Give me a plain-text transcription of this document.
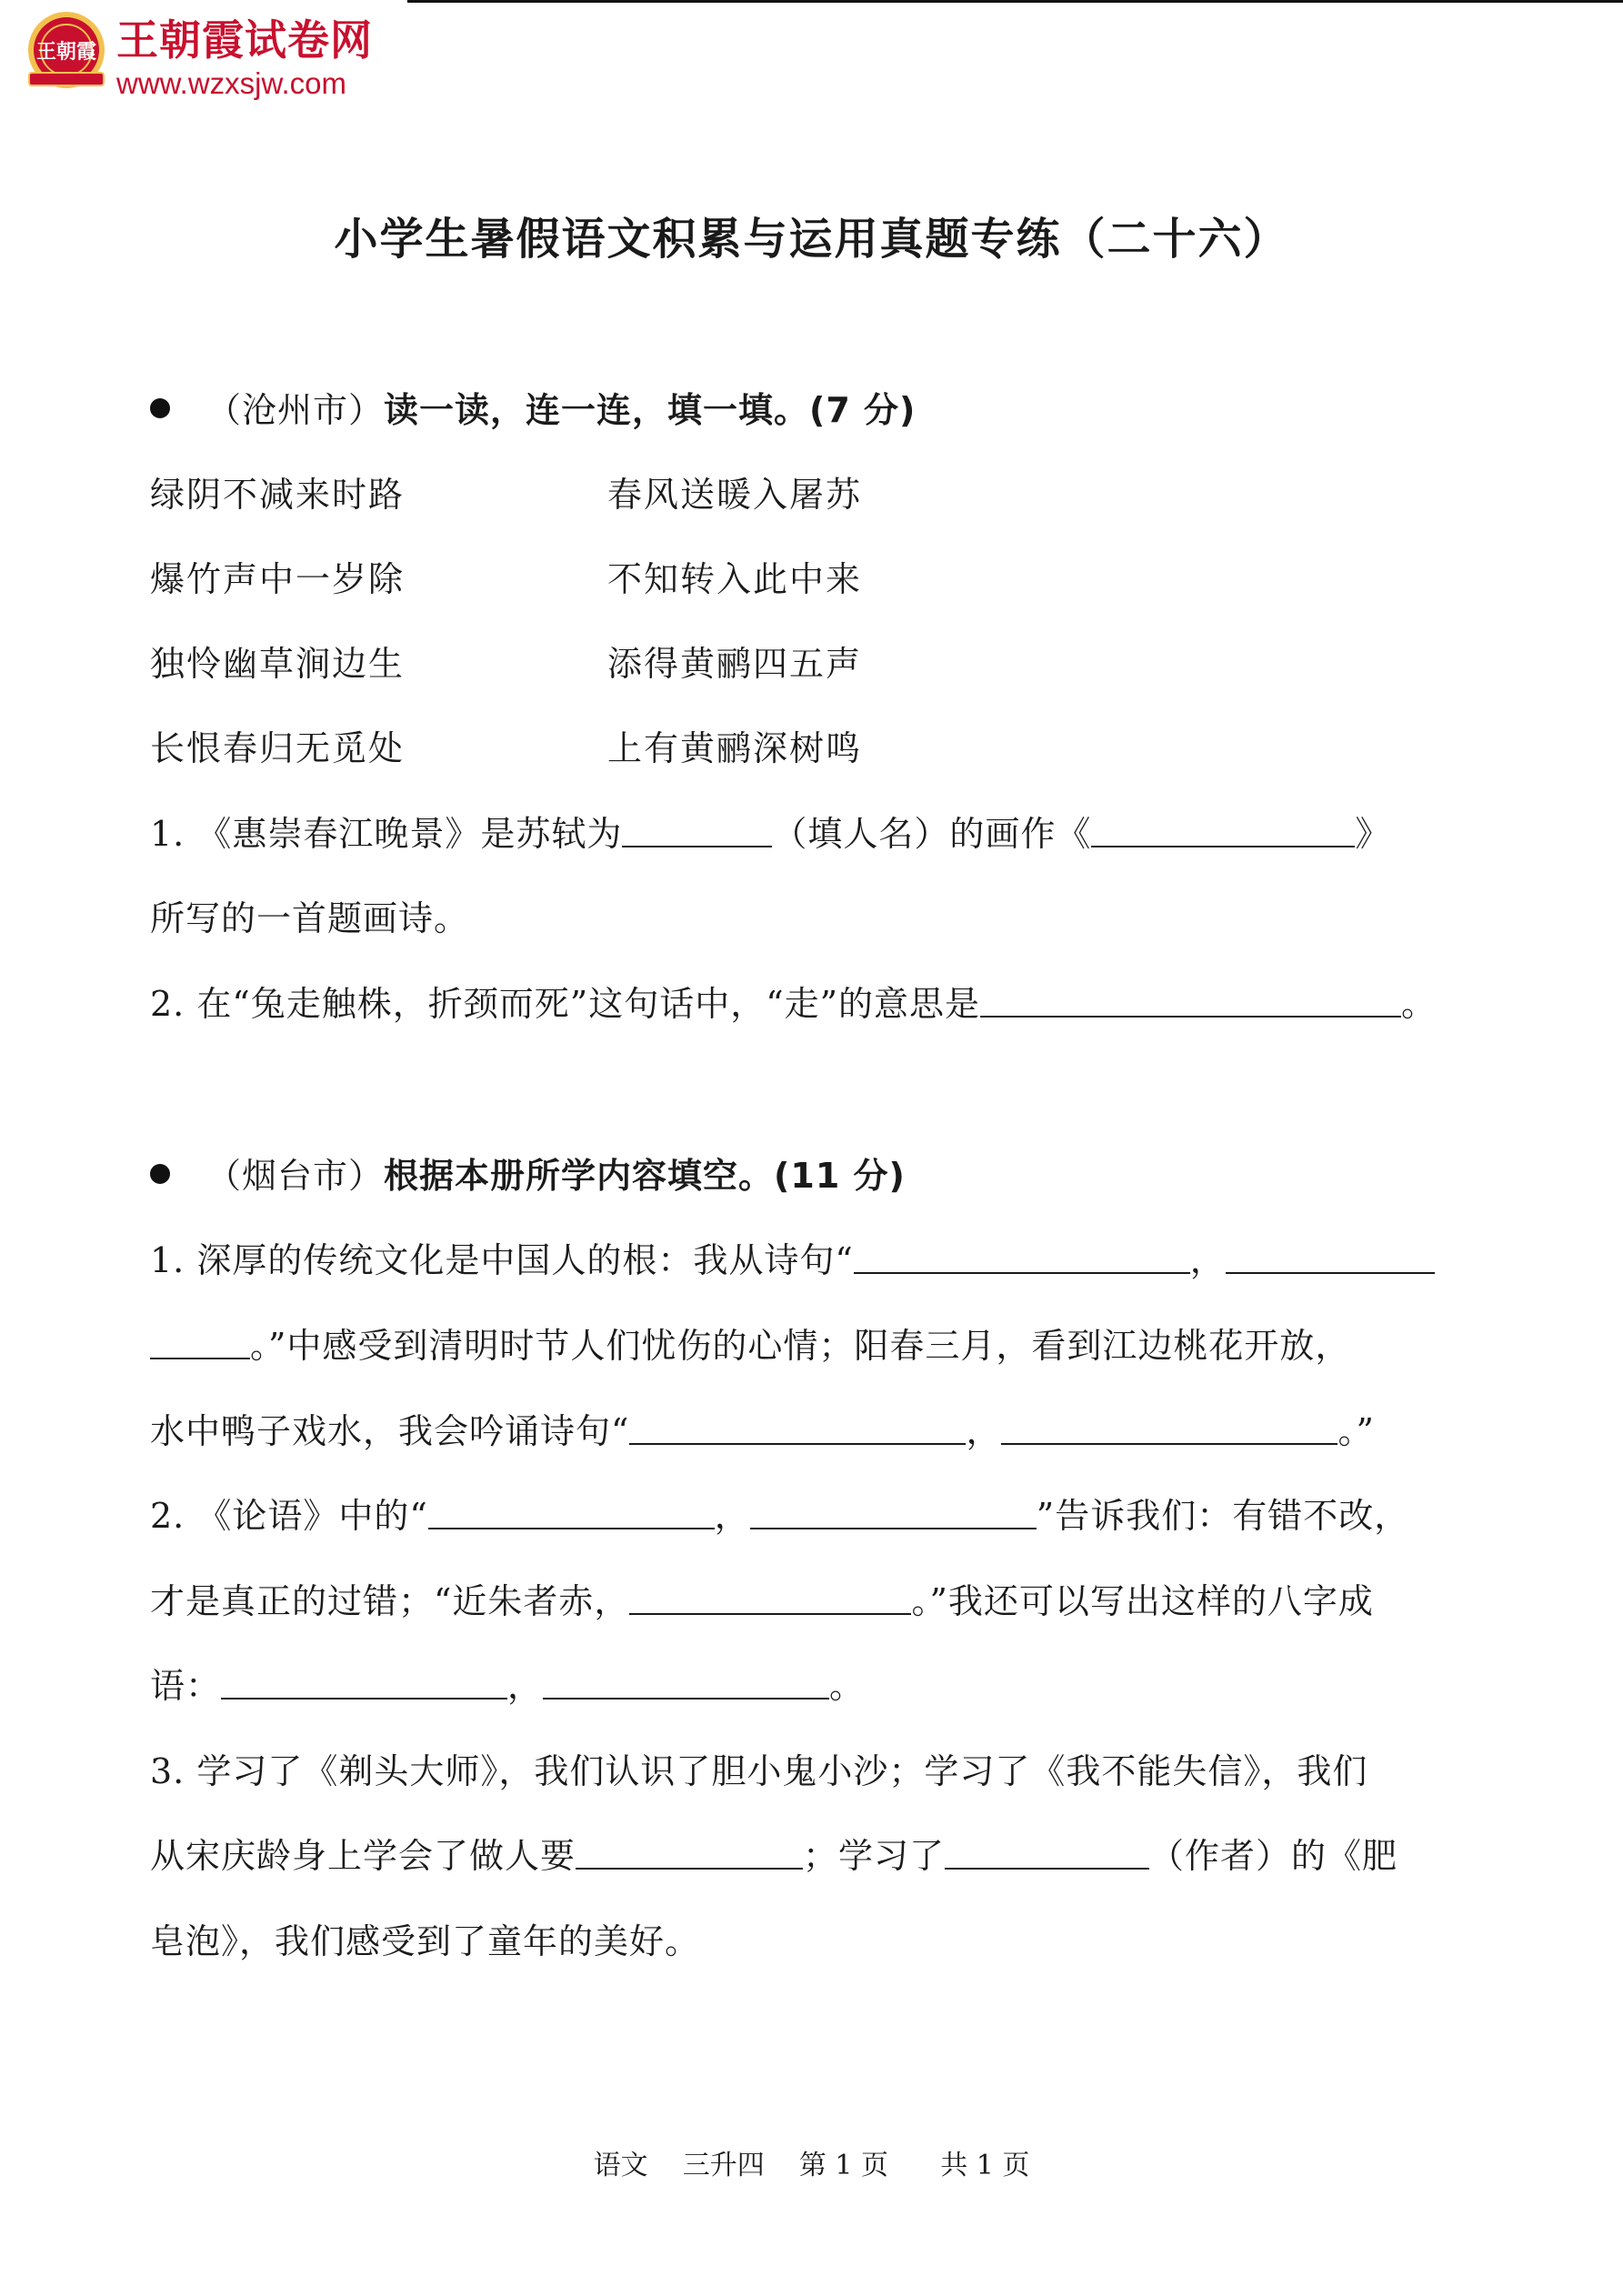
王朝霞 王朝霞试卷网
www.wzxsjw.com
小学生暑假语文积累与运用真题专练（二十六）
（沧州市）读一读，连一连，填一填。(7 分)
绿阴不减来时路	春风送暖入屠苏
爆竹声中一岁除	不知转入此中来
独怜幽草涧边生	添得黄鹂四五声
长恨春归无觅处	上有黄鹂深树鸣
1. 《惠崇春江晚景》是苏轼为	（填人名）的画作《	》
所写的一首题画诗。
2. 在“兔走触株，折颈而死”这句话中，“走”的意思是	。
（烟台市）根据本册所学内容填空。(11 分)
1. 深厚的传统文化是中国人的根：我从诗句“	，
。”中感受到清明时节人们忧伤的心情；阳春三月，看到江边桃花开放，
水中鸭子戏水，我会吟诵诗句“	，	。”
2. 《论语》中的“	，	”告诉我们：有错不改，
才是真正的过错；“近朱者赤，	。”我还可以写出这样的八字成
语：	，	。
3. 学习了《剃头大师》，我们认识了胆小鬼小沙；学习了《我不能失信》，我们
从宋庆龄身上学会了做人要	；学习了	（作者）的《肥
皂泡》，我们感受到了童年的美好。
语文    三升四    第 1 页      共 1 页
